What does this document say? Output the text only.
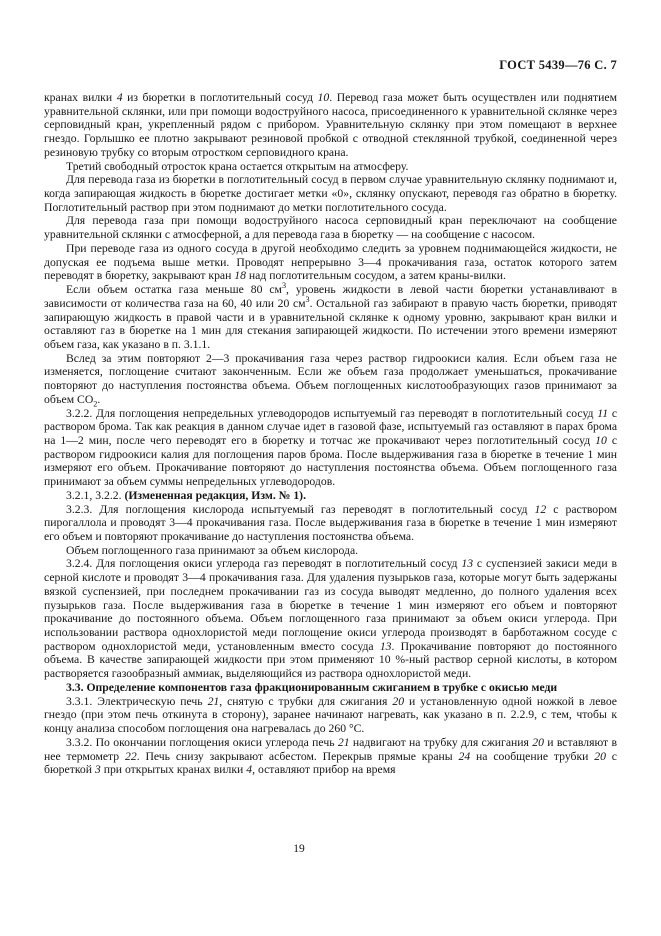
ГОСТ 5439—76 С. 7

кранах вилки 4 из бюретки в поглотительный сосуд 10. Перевод газа может быть осуществлен или поднятием уравнительной склянки, или при помощи водоструйного насоса, присоединенного к уравнительной склянке через серповидный кран, укрепленный рядом с прибором. Уравнительную склянку при этом помещают в верхнее гнездо. Горлышко ее плотно закрывают резиновой пробкой с отводной стеклянной трубкой, соединенной через резиновую трубку со вторым отростком серповидного крана.

Третий свободный отросток крана остается открытым на атмосферу.

Для перевода газа из бюретки в поглотительный сосуд в первом случае уравнительную склянку поднимают и, когда запирающая жидкость в бюретке достигает метки «0», склянку опускают, переводя газ обратно в бюретку. Поглотительный раствор при этом поднимают до метки поглотительного сосуда.

Для перевода газа при помощи водоструйного насоса серповидный кран переключают на сообщение уравнительной склянки с атмосферной, а для перевода газа в бюретку — на сообщение с насосом.

При переводе газа из одного сосуда в другой необходимо следить за уровнем поднимающейся жидкости, не допуская ее подъема выше метки. Проводят непрерывно 3—4 прокачивания газа, остаток которого затем переводят в бюретку, закрывают кран 18 над поглотительным сосудом, а затем краны-вилки.

Если объем остатка газа меньше 80 $см^3$, уровень жидкости в левой части бюретки устанавливают в зависимости от количества газа на 60, 40 или 20 $см^3$. Остальной газ забирают в правую часть бюретки, приводят запирающую жидкость в правой части и в уравнительной склянке к одному уровню, закрывают кран вилки и оставляют газ в бюретке на 1 мин для стекания запирающей жидкости. По истечении этого времени измеряют объем газа, как указано в п. 3.1.1.

Вслед за этим повторяют 2—3 прокачивания газа через раствор гидроокиси калия. Если объем газа не изменяется, поглощение считают законченным. Если же объем газа продолжает уменьшаться, прокачивание повторяют до наступления постоянства объема. Объем поглощенных кислотообразующих газов принимают за объем $СО_2$.

3.2.2. Для поглощения непредельных углеводородов испытуемый газ переводят в поглотительный сосуд 11 с раствором брома. Так как реакция в данном случае идет в газовой фазе, испытуемый газ оставляют в парах брома на 1—2 мин, после чего переводят его в бюретку и тотчас же прокачивают через поглотительный сосуд 10 с раствором гидроокиси калия для поглощения паров брома. После выдерживания газа в бюретке в течение 1 мин измеряют его объем. Прокачивание повторяют до наступления постоянства объема. Объем поглощенного газа принимают за объем суммы непредельных углеводородов.

3.2.1, 3.2.2. (Измененная редакция, Изм. № 1).

3.2.3. Для поглощения кислорода испытуемый газ переводят в поглотительный сосуд 12 с раствором пирогаллола и проводят 3—4 прокачивания газа. После выдерживания газа в бюретке в течение 1 мин измеряют его объем и повторяют прокачивание до наступления постоянства объема.

Объем поглощенного газа принимают за объем кислорода.

3.2.4. Для поглощения окиси углерода газ переводят в поглотительный сосуд 13 с суспензией закиси меди в серной кислоте и проводят 3—4 прокачивания газа. Для удаления пузырьков газа, которые могут быть задержаны вязкой суспензией, при последнем прокачивании газ из сосуда выводят медленно, до полного удаления всех пузырьков газа. После выдерживания газа в бюретке в течение 1 мин измеряют его объем и повторяют прокачивание до постоянного объема. Объем поглощенного газа принимают за объем окиси углерода. При использовании раствора однохлористой меди поглощение окиси углерода производят в барботажном сосуде с раствором однохлористой меди, установленным вместо сосуда 13. Прокачивание повторяют до постоянного объема. В качестве запирающей жидкости при этом применяют 10 %-ный раствор серной кислоты, в котором растворяется газообразный аммиак, выделяющийся из раствора однохлористой меди.

3.3. Определение компонентов газа фракционированным сжиганием в трубке с окисью меди

3.3.1. Электрическую печь 21, снятую с трубки для сжигания 20 и установленную одной ножкой в левое гнездо (при этом печь откинута в сторону), заранее начинают нагревать, как указано в п. 2.2.9, с тем, чтобы к концу анализа способом поглощения она нагревалась до 260 °С.

3.3.2. По окончании поглощения окиси углерода печь 21 надвигают на трубку для сжигания 20 и вставляют в нее термометр 22. Печь снизу закрывают асбестом. Перекрыв прямые краны 24 на сообщение трубки 20 с бюреткой 3 при открытых кранах вилки 4, оставляют прибор на время

19
